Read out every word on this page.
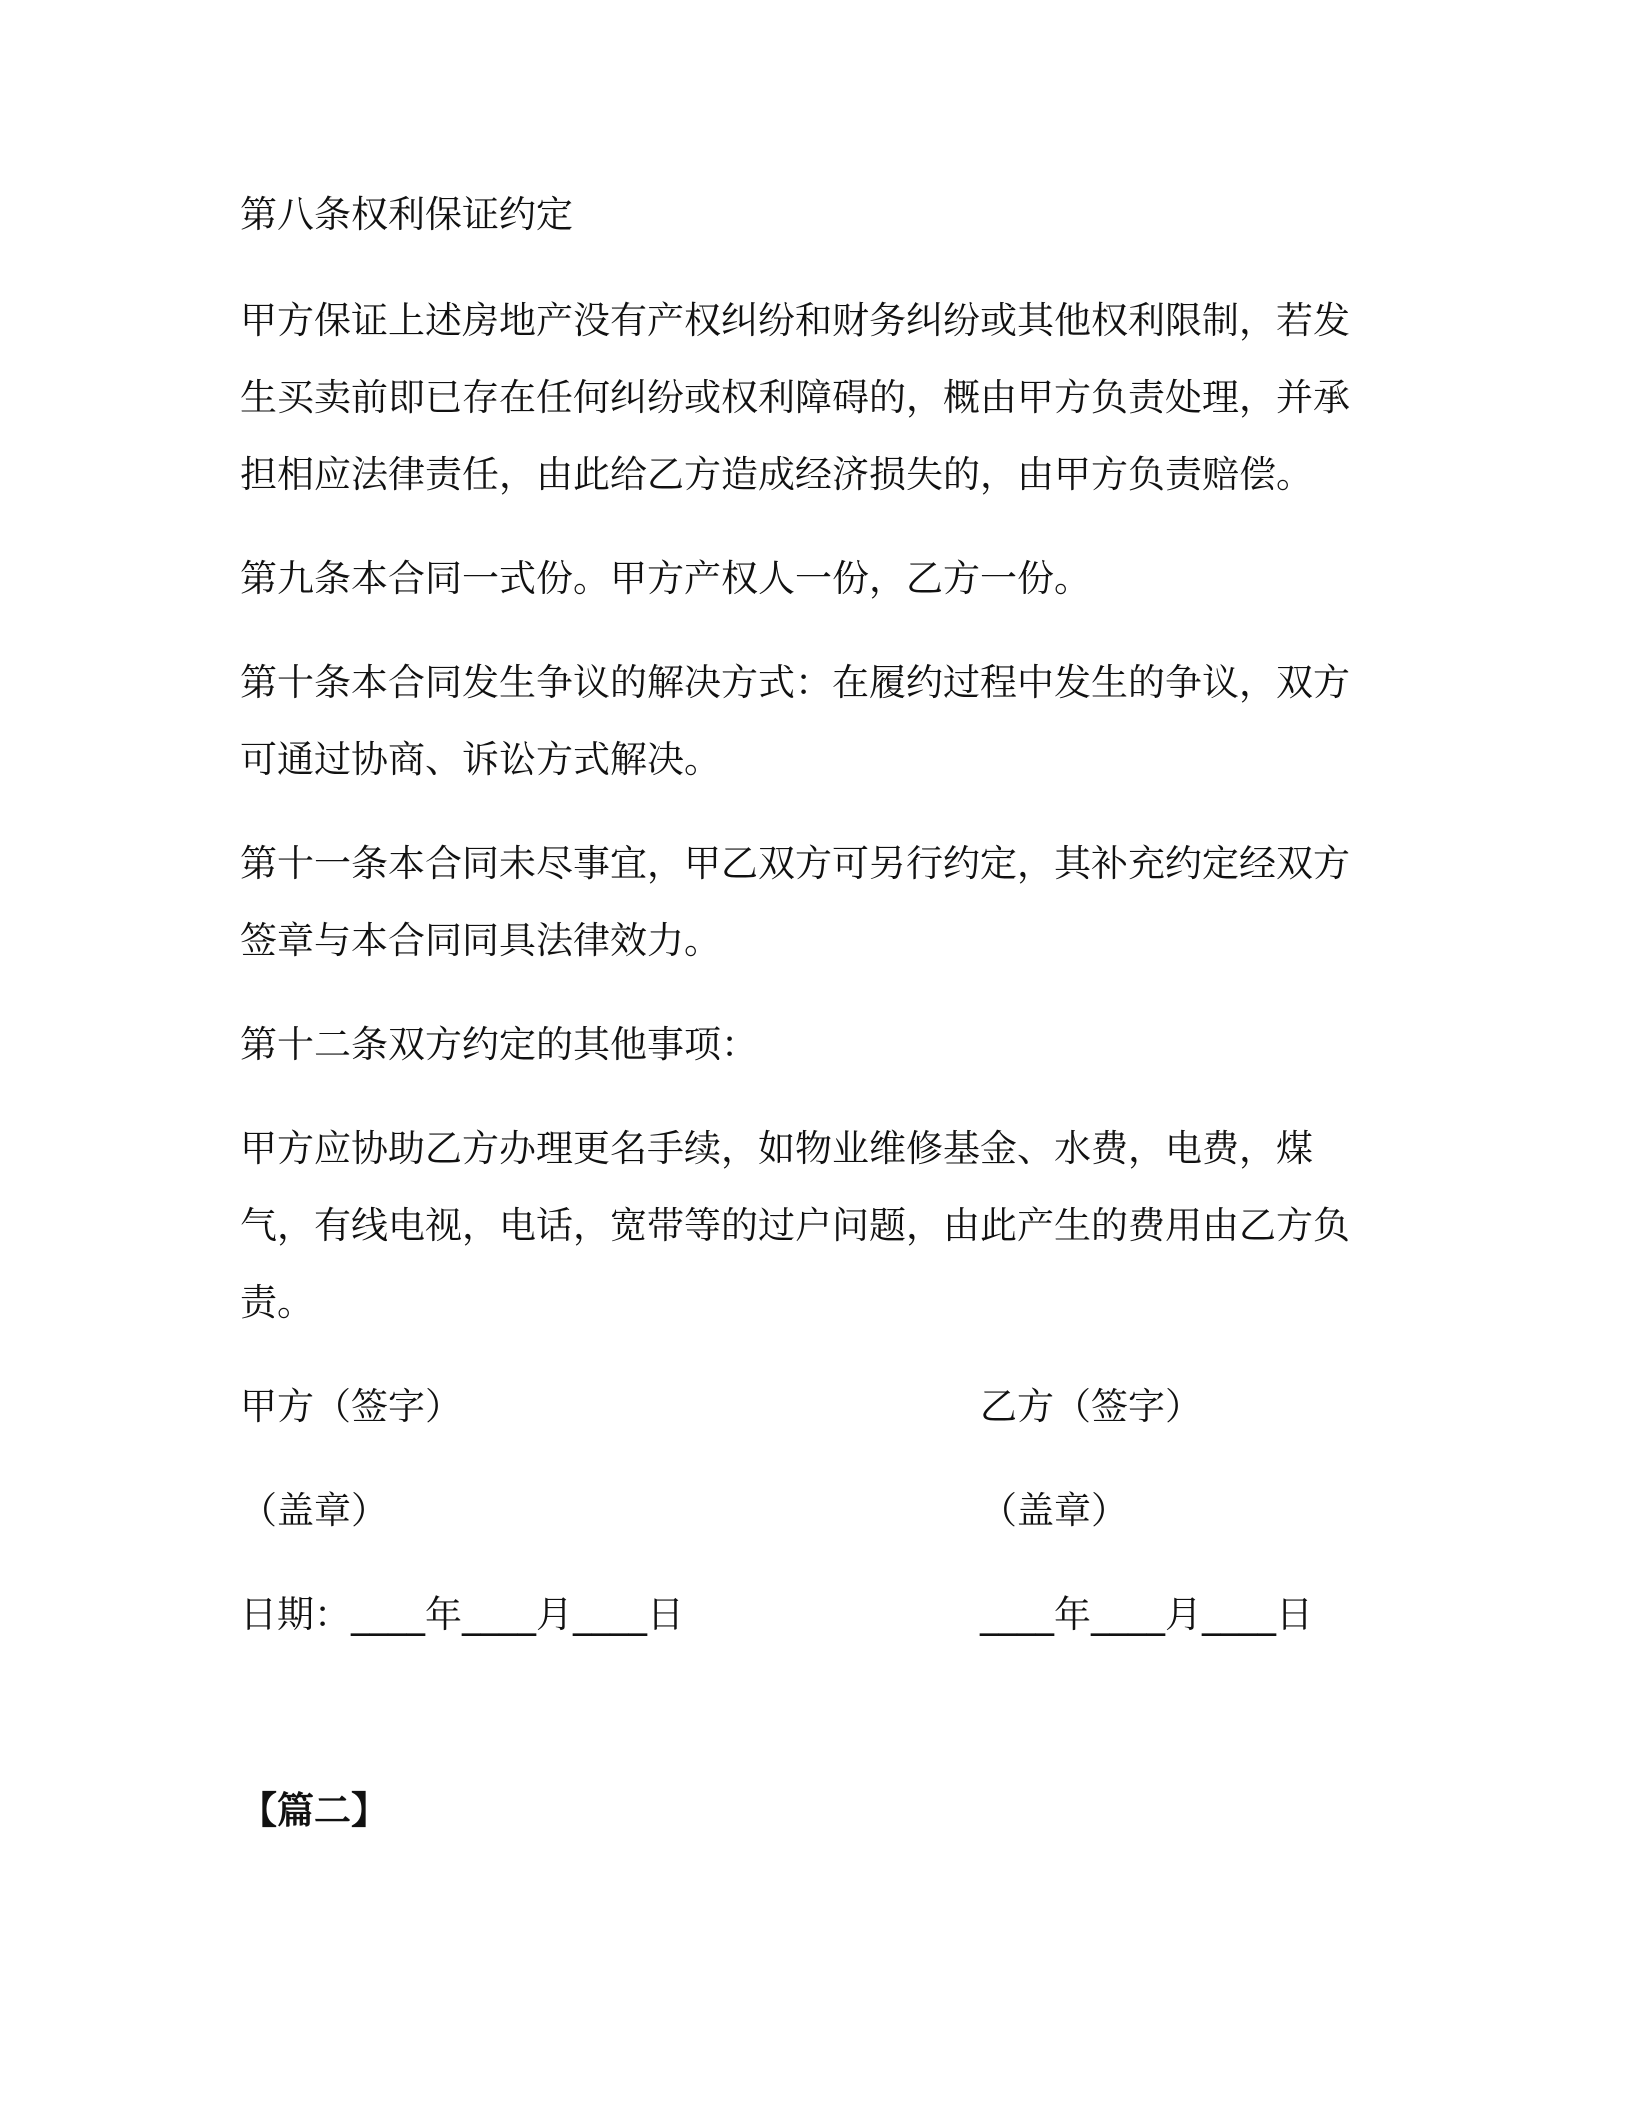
第八条权利保证约定

甲方保证上述房地产没有产权纠纷和财务纠纷或其他权利限制，若发

生买卖前即已存在任何纠纷或权利障碍的，概由甲方负责处理，并承

担相应法律责任，由此给乙方造成经济损失的，由甲方负责赔偿。

第九条本合同一式份。甲方产权人一份，乙方一份。

第十条本合同发生争议的解决方式：在履约过程中发生的争议，双方

可通过协商、诉讼方式解决。

第十一条本合同未尽事宜，甲乙双方可另行约定，其补充约定经双方

签章与本合同同具法律效力。

第十二条双方约定的其他事项：

甲方应协助乙方办理更名手续，如物业维修基金、水费，电费，煤

气，有线电视，电话，宽带等的过户问题，由此产生的费用由乙方负

责。

甲方（签字）	乙方（签字）

（盖章）	（盖章）

日期：____年____月____日	____年____月____日

【篇二】
